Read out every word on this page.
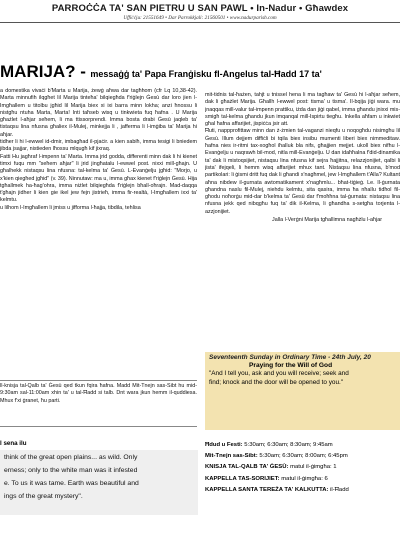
PARROĊĊA TA' SAN PIETRU U SAN PAWL • In-Nadur • Għawdex
Uffiċċju: 21551649 • Dar Parrokkjali: 21560501 • www.nadurparish.com
MARIJA? - messaġġ ta' Papa Franġisku fl-Angelus tal-Ħadd 17 ta'

a domestika vivaċi b'Marta u Marija, żewġ aħwa dar tagħhom (cfr Lq 10,38-42). Marta minnufih ilqgħet lil Marija tinteħa' bilqiegħda f'riġlejn Ġesù dar loro jien l-Imgħallem u titolbu jgħid lil Marija biex xi ixi barra minn lokha; anzi ħnossu li nistgħu ntuha Marta, Marta! Inti taħseb wisq u tinkwieta fuq ħafna . U Marija għażlet l-aħjar seħem, li ma ttissorprendi. Imma bosta drabi Ġesù jaqleb ta' tistaqsu lina nfusna għaliex il-Mulej, minkejja li , jafferma li l-imġiba ta' Marija hi aħjar.

tidher li hi l-ewwel id-dmir, imbagħad il-pjaċir. a kien sabiħ, imma tesigi li bniedem jibda jsajjar, nistieden lħossu mlqugħ kif jixraq.

Fatti Hu jagħraf l-impenn ta' Marta. Imma jrid godda, differenti minn dak li hi kienet timxi fuqu mm "seħem aħjar" li jrid jingħatalu l-ewwel post. nixxi mill-għajn. U għalhekk nistaqsu lina nfusna: tal-kelma ta' Ġesù. L-Evanġelju jgħid: "Morjo, u x'kien qiegħed jgħid" (v. 39). Ninnutaw: ma u, imma għax kienet f'riġlejn Ġesù. Hija tgħallmek ha-ħag'ohra, imma niżlet bilqiegħda f'riġlejn bħall-oħrajn. Mad-daqqa t'għajn jidher li kien gie ikel jew fejn jistrieħ, imma fir-realtà, l-Imgħallem ixxi ta' kelmtu.

u lilhom l-Imgħallem li jmiss u jifforma l-ħajja, tibdila, tehlisa

ll-knisja tal-Qalb ta' Ġesù qed tkun fqira ħafna. Madd Mit-Tnejn sas-Sibt hu mid-9:30am sal-11:00am xhin ta' u tal-Ħadd si talb. Dnt wara jkun hemm il-quddiesa. Mhux f'xi ġranet, ħu parti.

mit-tidnis tal-ħażen, tahjt u tnissel hena li ma tagħaw ta' Ġesù hi l-aħjar seħem, dak li għażlet Marija. Għallh l-ewwel post: tisma' u tisma'. Il-bqija jiġi wara. mu jnaqqas mill-valur tal-impenn prattiku, iżda dan jiġi qabel, imma għandu jnixxi mis-smigħ tal-kelma għandu jkun imqanqal mill-Ispirtu tiegħu. Inkella aħfam u inkwiet għal ħafna affarijiet, jispiċċa jsir att.

Ħuti, nappprofittaw minn dan ż-żmien tal-vaganzi nieqfu u noqogħdu nisimgħu lil Ġesù. Illum dejjem diffiċli bi tqila biex insibu mumenti liberi biex nimmeditaw. ħafna nies ir-ritmi tax-xogħol iħalluk bla nifs, għajjien mejjet. ukoll biex nifhu l-Evanġelju u naqrawh bil-mod, nitla mill-Evanġelju. U dan idaħħalna f'did-dinamika ta' dak li mistoqsijiet, nistaqsu lina nfusna kif sejra ħajjitna, relazzjonijiet, qalbi li jista' ifejqeli, li hemm wisq affarijiet mhux tant. Nistaqsu lina nfusna, b'mod partikolari: li ġismi dritt fuq dak li għandi x'nagħmel, jew l-Imgħallem t'Alla? Kultant aħna nibdew il-gurnata awtomatikament x'nagħmlu... bħat-tiġieġ. Le. Il-ġurnata għandna naslu fil-Mulej, niehdu kelmtu, sita qasira, imma ħa nħallu tidħol fil-għodu noħorġu mid-dar b'kelma ta' Ġesù dar f'moħħna tal-ġurnata: nistaqsu lina nfusna jekk qed nibqgħu fuq ta' dik il-Kelma, li għandha s-setgħa torjenta l-azzjonijiet.

Jalla l-Verġni Marija tgħallimna nagħżlu l-aħjar

Seventeenth Sunday in Ordinary Time - 24th July, 20
Praying for the Will of God
"And I tell you, ask and you will receive; seek and
find; knock and the door will be opened to you."
l sena ilu

think of the great open plains... as wild. Only

erness; only to the white man was it infested

e. To us it was tame. Earth was beautiful and

ings of the great mystery".

Ħdud u Festi: 5:30am; 6:30am; 8:30am; 9:45am
Mit-Tnejn sas-Sibt: 5:30am; 6:30am; 8:00am; 6:45pm
KNISJA TAL-QALB TA' ĠESÙ: matul il-ġimgħa: 1
KAPPELLA TAS-SORIJIET: matul il-ġimgħa: 6
KAPPELLA SANTA TEREŻA TA' KALKUTTA: il-Ħadd
